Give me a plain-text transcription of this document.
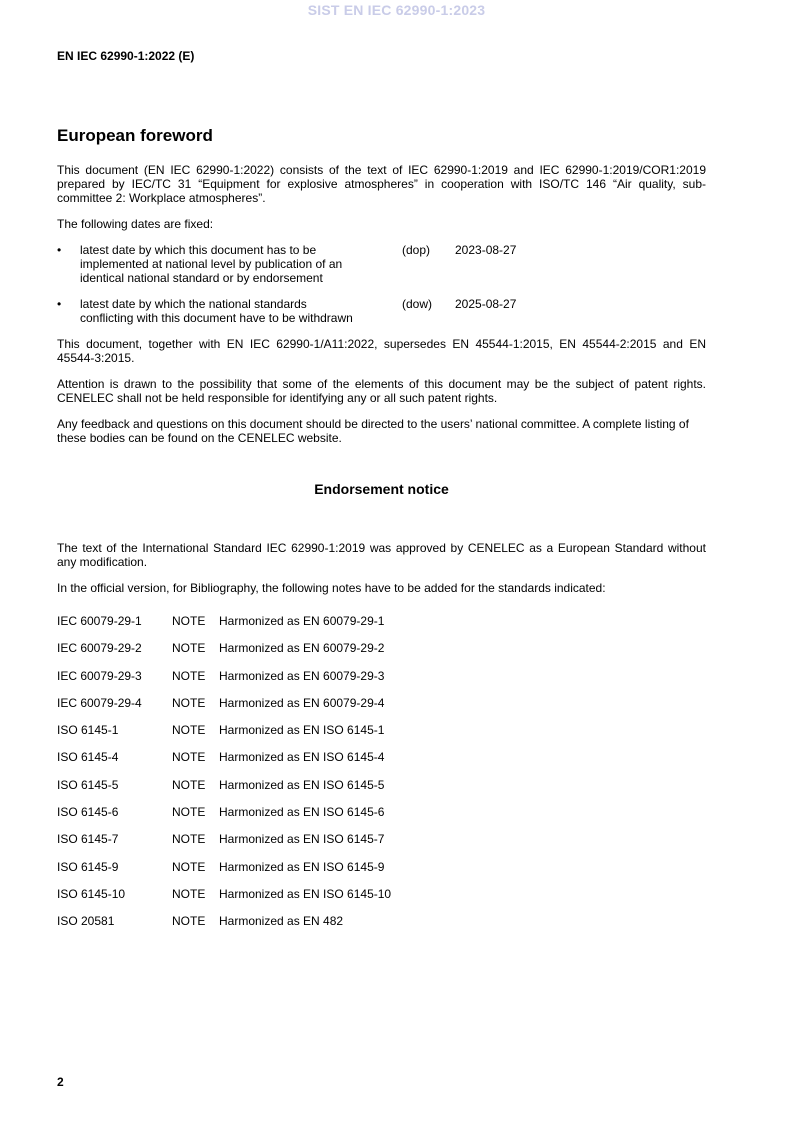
SIST EN IEC 62990-1:2023
EN IEC 62990-1:2022 (E)
European foreword

This document (EN IEC 62990-1:2022) consists of the text of IEC 62990-1:2019 and IEC 62990-1:2019/COR1:2019 prepared by IEC/TC 31 “Equipment for explosive atmospheres” in cooperation with ISO/TC 146 “Air quality, sub-committee 2: Workplace atmospheres”.

The following dates are fixed:

•	latest date by which this document has to be
implemented at national level by publication of an
identical national standard or by endorsement
(dop)	2023-08-27
•	latest date by which the national standards
conflicting with this document have to be withdrawn
(dow)	2025-08-27

This document, together with EN IEC 62990-1/A11:2022, supersedes EN 45544-1:2015, EN 45544-2:2015 and EN 45544-3:2015.

Attention is drawn to the possibility that some of the elements of this document may be the subject of patent rights. CENELEC shall not be held responsible for identifying any or all such patent rights.

Any feedback and questions on this document should be directed to the users’ national committee. A complete listing of these bodies can be found on the CENELEC website.

Endorsement notice

The text of the International Standard IEC 62990-1:2019 was approved by CENELEC as a European Standard without any modification.

In the official version, for Bibliography, the following notes have to be added for the standards indicated:

IEC 60079-29-1	NOTE	Harmonized as EN 60079-29-1
IEC 60079-29-2	NOTE	Harmonized as EN 60079-29-2
IEC 60079-29-3	NOTE	Harmonized as EN 60079-29-3
IEC 60079-29-4	NOTE	Harmonized as EN 60079-29-4
ISO 6145-1	NOTE	Harmonized as EN ISO 6145-1
ISO 6145-4	NOTE	Harmonized as EN ISO 6145-4
ISO 6145-5	NOTE	Harmonized as EN ISO 6145-5
ISO 6145-6	NOTE	Harmonized as EN ISO 6145-6
ISO 6145-7	NOTE	Harmonized as EN ISO 6145-7
ISO 6145-9	NOTE	Harmonized as EN ISO 6145-9
ISO 6145-10	NOTE	Harmonized as EN ISO 6145-10
ISO 20581	NOTE	Harmonized as EN 482
2
